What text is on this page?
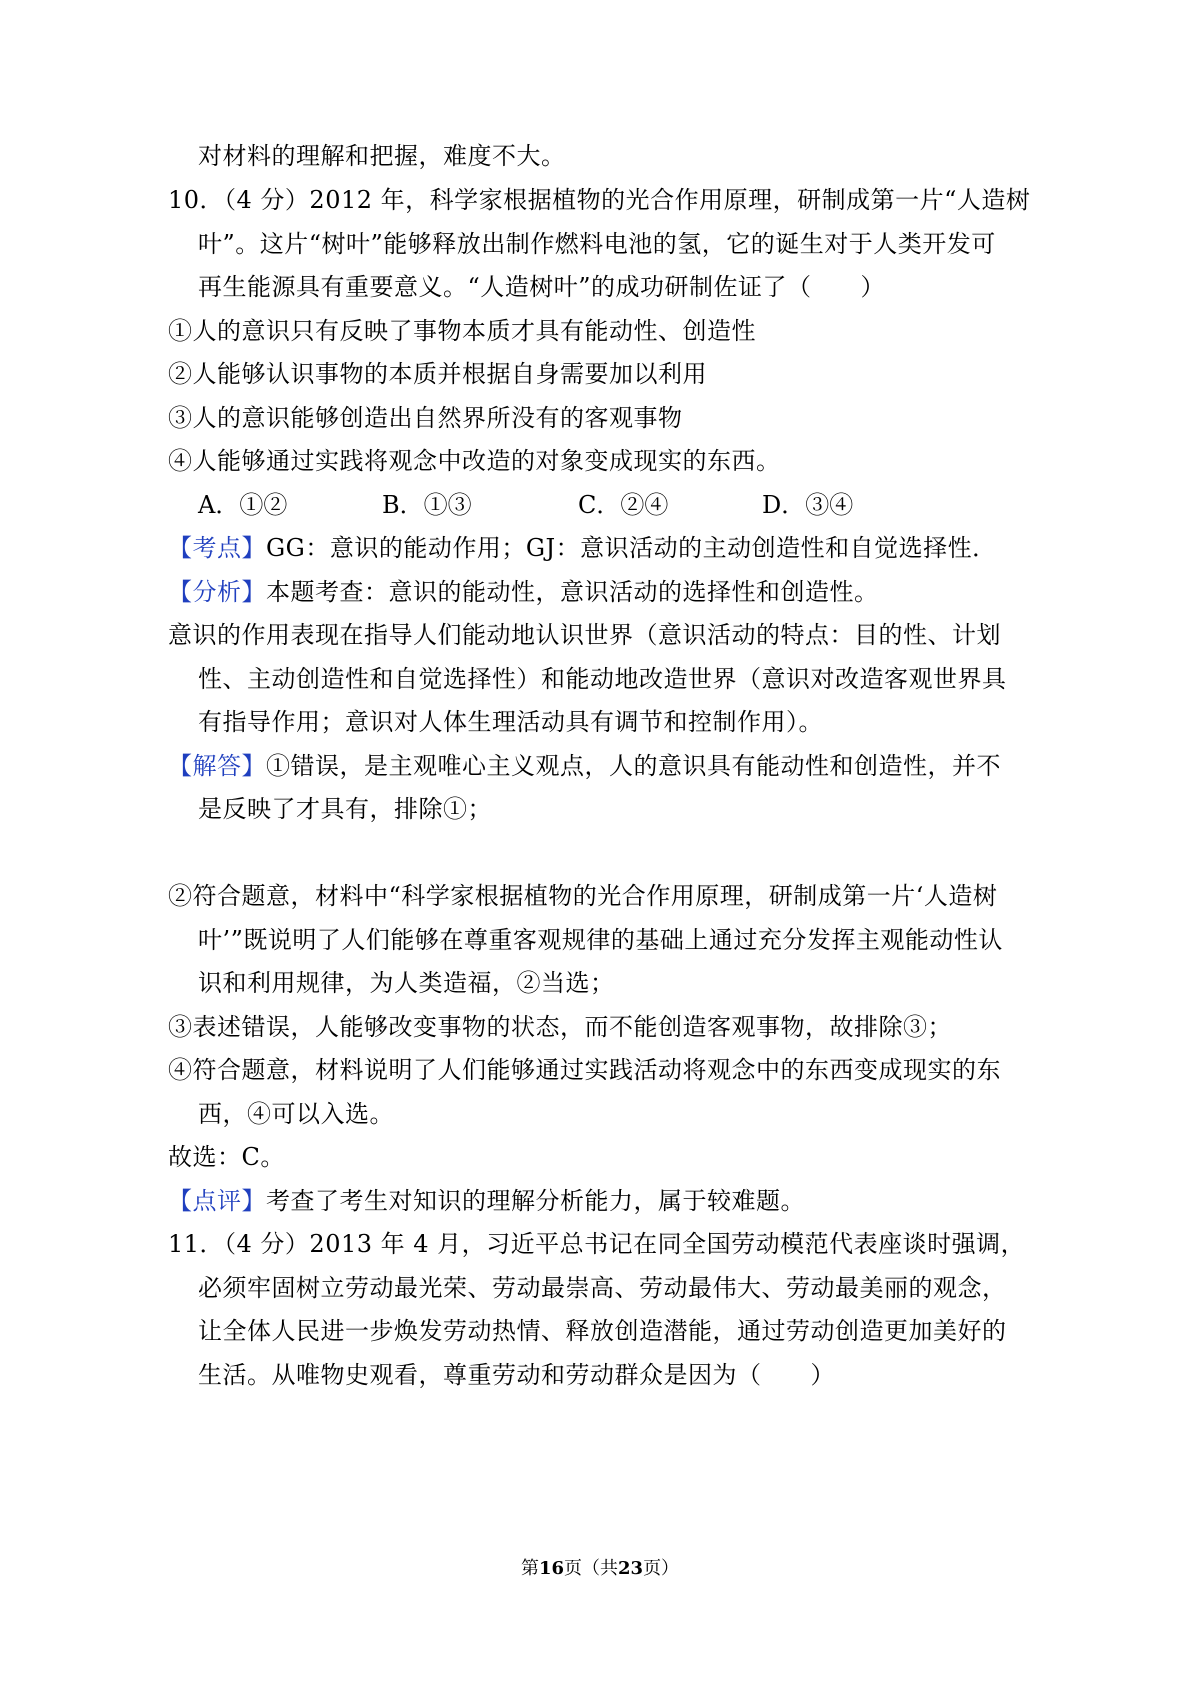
对材料的理解和把握，难度不大。
10．（4 分）2012 年，科学家根据植物的光合作用原理，研制成第一片“人造树
叶”。这片“树叶”能够释放出制作燃料电池的氢，它的诞生对于人类开发可
再生能源具有重要意义。“人造树叶”的成功研制佐证了（　　）
①人的意识只有反映了事物本质才具有能动性、创造性
②人能够认识事物的本质并根据自身需要加以利用
③人的意识能够创造出自然界所没有的客观事物
④人能够通过实践将观念中改造的对象变成现实的东西。
A．①②	B．①③	C．②④	D．③④
【考点】GG：意识的能动作用；GJ：意识活动的主动创造性和自觉选择性．
【分析】本题考查：意识的能动性，意识活动的选择性和创造性。
意识的作用表现在指导人们能动地认识世界（意识活动的特点：目的性、计划
性、主动创造性和自觉选择性）和能动地改造世界（意识对改造客观世界具
有指导作用；意识对人体生理活动具有调节和控制作用）。
【解答】①错误，是主观唯心主义观点，人的意识具有能动性和创造性，并不
是反映了才具有，排除①；
②符合题意，材料中“科学家根据植物的光合作用原理，研制成第一片‘人造树
叶’”既说明了人们能够在尊重客观规律的基础上通过充分发挥主观能动性认
识和利用规律，为人类造福，②当选；
③表述错误，人能够改变事物的状态，而不能创造客观事物，故排除③；
④符合题意，材料说明了人们能够通过实践活动将观念中的东西变成现实的东
西，④可以入选。
故选：C。
【点评】考查了考生对知识的理解分析能力，属于较难题。
11．（4 分）2013 年 4 月，习近平总书记在同全国劳动模范代表座谈时强调，
必须牢固树立劳动最光荣、劳动最崇高、劳动最伟大、劳动最美丽的观念，
让全体人民进一步焕发劳动热情、释放创造潜能，通过劳动创造更加美好的
生活。从唯物史观看，尊重劳动和劳动群众是因为（　　）
第16页（共23页）
